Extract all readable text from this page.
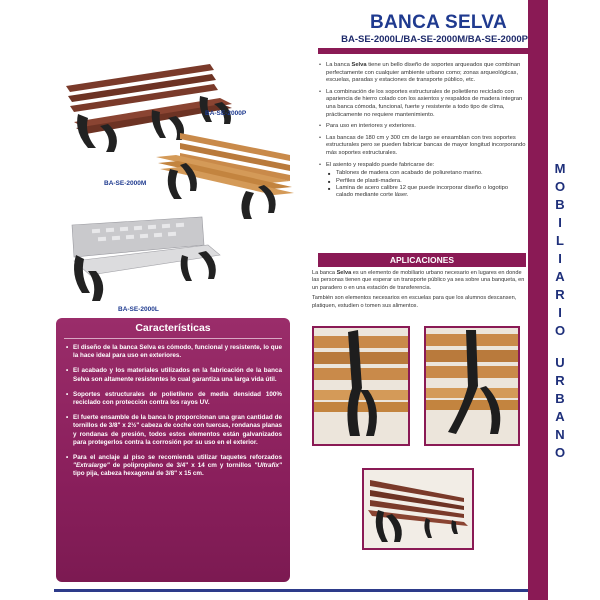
M
O
B
I
L
I
A
R
I
O
U
R
B
A
N
O
BANCA SELVA
BA-SE-2000L/BA-SE-2000M/BA-SE-2000P
BA-SE-2000P
BA-SE-2000M
BA-SE-2000L
• La banca Selva tiene un bello diseño de soportes arqueados que combinan perfectamente con cualquier ambiente urbano como; zonas arqueológicas, escuelas, paradas y estaciones de transporte público, etc.
• La combinación de los soportes estructurales de polietileno reciclado con apariencia de hierro colado con los asientos y respaldos de madera integran una banca cómoda, funcional, fuerte y resistente a todo tipo de clima, prácticamente no requiere mantenimiento.
• Para uso en interiores y exteriores.
• Las bancas de 180 cm y 300 cm de largo se ensamblan con tres soportes estructurales pero se pueden fabricar bancas de mayor longitud incorporando más soportes estructurales.
• El asiento y respaldo puede fabricarse de:
■ Tablones de madera con acabado de poliuretano marino.
■ Perfiles de plasti-madera.
■ Lamina de acero calibre 12 que puede incorporar diseño o logotipo calado mediante corte láser.
APLICACIONES

La banca Selva es un elemento de mobiliario urbano necesario en lugares en donde las personas tienen que esperar un transporte público ya sea sobre una banqueta, en un paradero o en una estación de transferencia.

También son elementos necesarios en escuelas para que los alumnos descansen, platiquen, estudien o tomen sus alimentos.

Características
• El diseño de la banca Selva es cómodo, funcional y resistente, lo que la hace ideal para uso en exteriores.
• El acabado y los materiales utilizados en la fabricación de la banca Selva son altamente resistentes lo cual garantiza una larga vida útil.
• Soportes estructurales de polietileno de media densidad 100% reciclado con protección contra los rayos UV.
• El fuerte ensamble de la banca lo proporcionan una gran cantidad de tornillos de 3/8" x 2½" cabeza de coche con tuercas, rondanas planas y rondanas de presión, todos estos elementos están galvanizados para protegerlos contra la corrosión por su uso en el exterior.
• Para el anclaje al piso se recomienda utilizar taquetes reforzados "Extralarge" de polipropileno de 3/4" x 14 cm y tornillos "Ultrafix" tipo pija, cabeza hexagonal de 3/8" x 15 cm.
